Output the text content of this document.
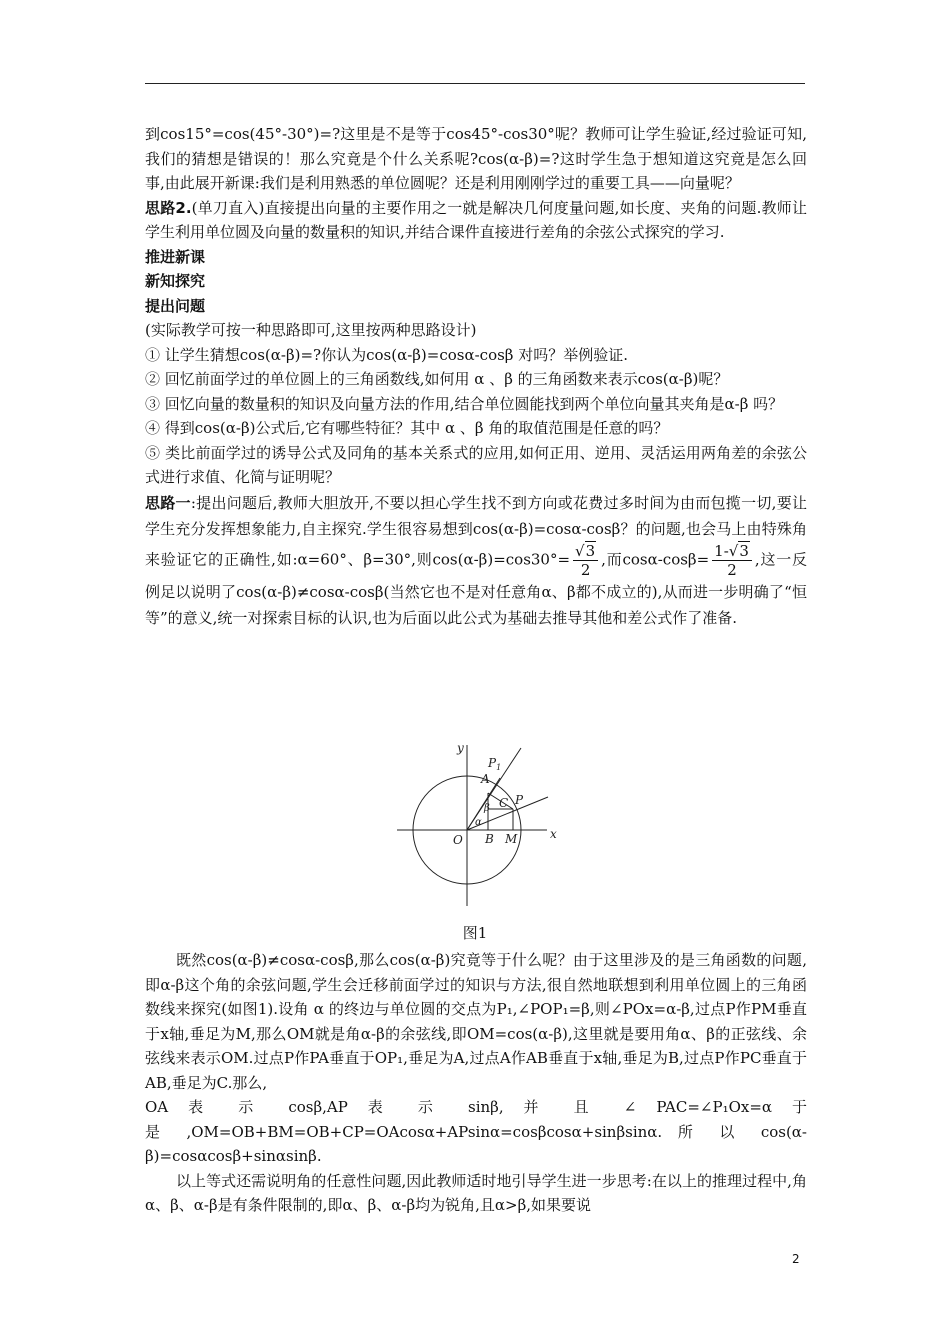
到cos15°=cos(45°-30°)=?这里是不是等于cos45°-cos30°呢？教师可让学生验证,经过验证可知,我们的猜想是错误的！那么究竟是个什么关系呢?cos(α-β)=?这时学生急于想知道这究竟是怎么回事,由此展开新课:我们是利用熟悉的单位圆呢？还是利用刚刚学过的重要工具——向量呢？

思路2.(单刀直入)直接提出向量的主要作用之一就是解决几何度量问题,如长度、夹角的问题.教师让学生利用单位圆及向量的数量积的知识,并结合课件直接进行差角的余弦公式探究的学习.

推进新课

新知探究

提出问题

(实际教学可按一种思路即可,这里按两种思路设计)

① 让学生猜想cos(α-β)=?你认为cos(α-β)=cosα-cosβ 对吗？举例验证.

② 回忆前面学过的单位圆上的三角函数线,如何用 α 、β 的三角函数来表示cos(α-β)呢？

③ 回忆向量的数量积的知识及向量方法的作用,结合单位圆能找到两个单位向量其夹角是α-β 吗？

④ 得到cos(α-β)公式后,它有哪些特征？其中 α 、β 角的取值范围是任意的吗？

⑤ 类比前面学过的诱导公式及同角的基本关系式的应用,如何正用、逆用、灵活运用两角差的余弦公式进行求值、化简与证明呢？

思路一:提出问题后,教师大胆放开,不要以担心学生找不到方向或花费过多时间为由而包揽一切,要让学生充分发挥想象能力,自主探究.学生很容易想到cos(α-β)=cosα-cosβ？的问题,也会马上由特殊角来验证它的正确性,如:α=60°、β=30°,则$\cos(\alpha-\beta)=\cos 30^\circ= \frac{√3}{2}$ ,而$\cos\alpha-\cos\beta= \frac{1-√3}{2}$ ,这一反例足以说明了cos(α-β)≠cosα-cosβ(当然它也不是对任意角α、β都不成立的),从而进一步明确了“恒等”的意义,统一对探索目标的认识,也为后面以此公式为基础去推导其他和差公式作了准备.

y
x
O B M
P
$P_1$
A
C
β
α
图1

既然cos(α-β)≠cosα-cosβ,那么cos(α-β)究竟等于什么呢？由于这里涉及的是三角函数的问题,即α-β这个角的余弦问题,学生会迁移前面学过的知识与方法,很自然地联想到利用单位圆上的三角函数线来探究(如图1).设角 α 的终边与单位圆的交点为P₁,∠POP₁=β,则∠POx=α-β,过点P作PM垂直于x轴,垂足为M,那么OM就是角α-β的余弦线,即OM=cos(α-β),这里就是要用角α、β的正弦线、余弦线来表示OM.过点P作PA垂直于OP₁,垂足为A,过点A作AB垂直于x轴,垂足为B,过点P作PC垂直于AB,垂足为C.那么,

OA 表 示 cosβ,AP 表 示 sinβ, 并 且 ∠ PAC=∠P₁Ox=α 于

是 ,OM=OB+BM=OB+CP=OAcosα+APsinα=cosβcosα+sinβsinα. 所 以 cos(α-

β)=cosαcosβ+sinαsinβ.

以上等式还需说明角的任意性问题,因此教师适时地引导学生进一步思考:在以上的推理过程中,角α、β、α-β是有条件限制的,即α、β、α-β均为锐角,且α>β,如果要说

2
